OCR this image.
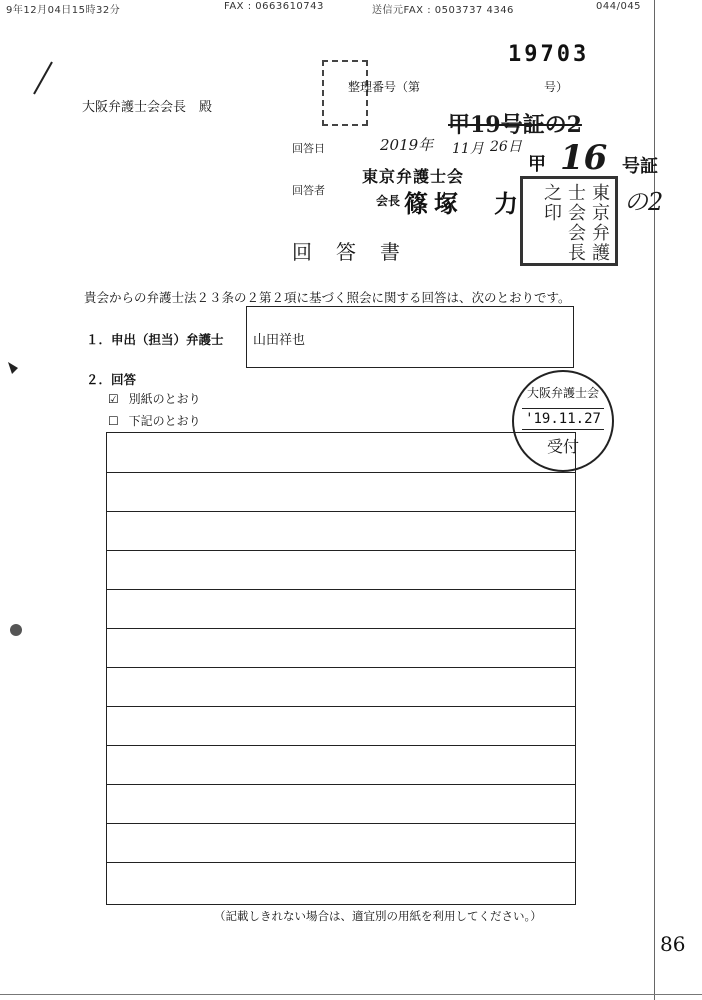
9年12月04日15時32分	FAX : 0663610743	送信元FAX : 0503737 4346	044/045
19703
大阪弁護士会会長　殿
整理番号（第	号）
甲19号証の2
回答日	2019年 11月 26日
甲 16 号証
の2
回答者
東京弁護士会
会長 篠塚　力	東京弁護士会会長之印
回　答　書
貴会からの弁護士法２３条の２第２項に基づく照会に関する回答は、次のとおりです。
１．申出（担当）弁護士 山田祥也
２．回答
☑ 別紙のとおり
☐ 下記のとおり
大阪弁護士会
'19.11.27
受付
（記載しきれない場合は、適宜別の用紙を利用してください。）
86
